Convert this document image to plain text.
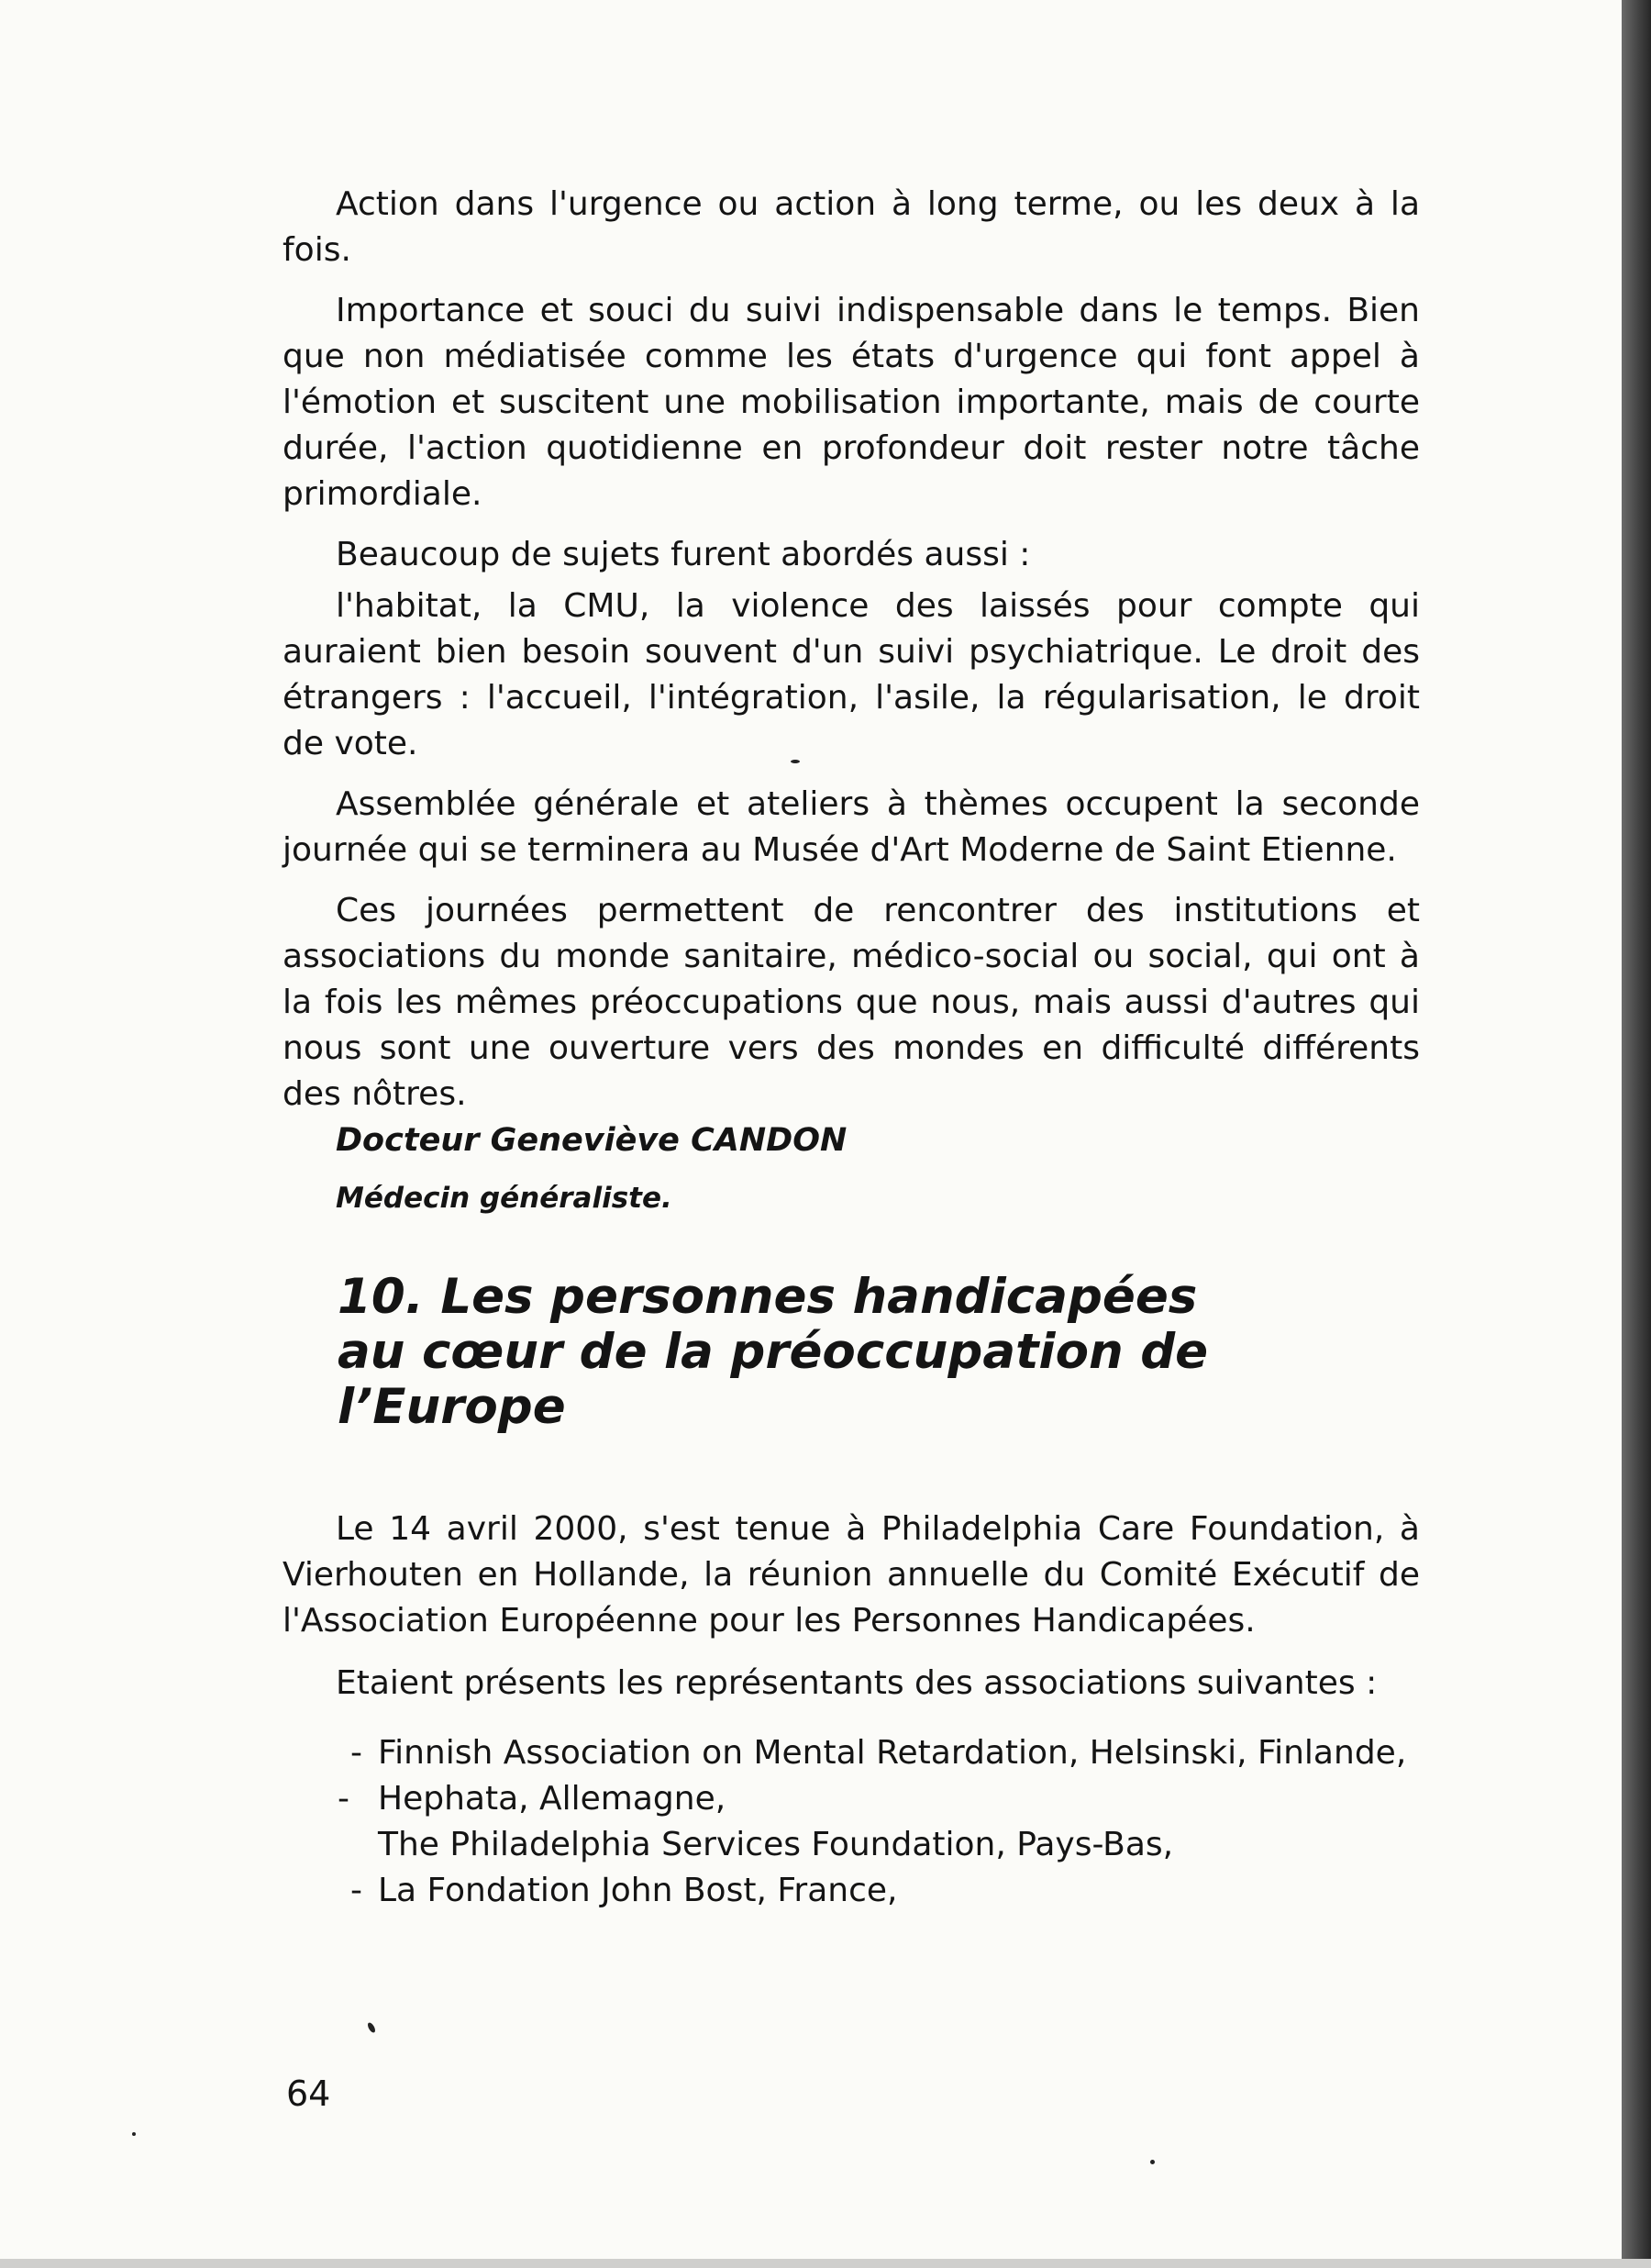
Action dans l'urgence ou action à long terme, ou les deux à la fois.

Importance et souci du suivi indispensable dans le temps. Bien que non médiatisée comme les états d'urgence qui font appel à l'émotion et suscitent une mobilisation importante, mais de courte durée, l'action quotidienne en profondeur doit rester notre tâche primordiale.

Beaucoup de sujets furent abordés aussi :

l'habitat, la CMU, la violence des laissés pour compte qui auraient bien besoin souvent d'un suivi psychiatrique. Le droit des étrangers : l'accueil, l'intégration, l'asile, la régularisation, le droit de vote.

Assemblée générale et ateliers à thèmes occupent la seconde journée qui se terminera au Musée d'Art Moderne de Saint Etienne.

Ces journées permettent de rencontrer des institutions et associations du monde sanitaire, médico-social ou social, qui ont à la fois les mêmes préoccupations que nous, mais aussi d'autres qui nous sont une ouverture vers des mondes en difficulté différents des nôtres.

Docteur Geneviève CANDON

Médecin généraliste.

10. Les personnes handicapées
au cœur de la préoccupation de l’Europe

Le 14 avril 2000, s'est tenue à Philadelphia Care Foundation, à Vierhouten en Hollande, la réunion annuelle du Comité Exécutif de l'Association Européenne pour les Personnes Handicapées.

Etaient présents les représentants des associations suivantes :

- Finnish Association on Mental Retardation, Helsinski, Finlande,
- Hephata, Allemagne,
The Philadelphia Services Foundation, Pays-Bas,
- La Fondation John Bost, France,
64
